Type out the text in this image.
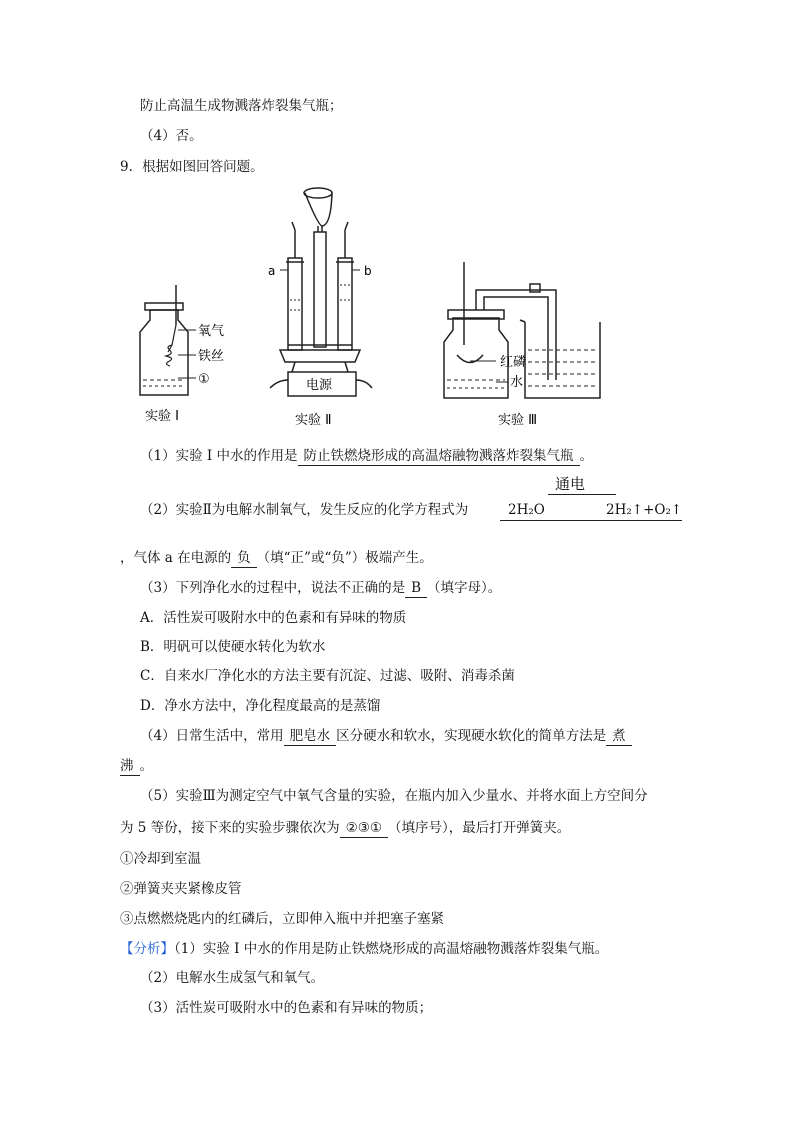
防止高温生成物溅落炸裂集气瓶；
（4）否。
9．根据如图回答问题。
氧气
铁丝
①
实验 Ⅰ
a	b
电源
实验 Ⅱ
红磷
水
实验 Ⅲ
（1）实验 I 中水的作用是 防止铁燃烧形成的高温熔融物溅落炸裂集气瓶 。
通电
（2）实验Ⅱ为电解水制氧气，发生反应的化学方程式为	2H₂O	2H₂↑+O₂↑
，气体 a 在电源的 负 （填“正”或“负”）极端产生。
（3）下列净化水的过程中，说法不正确的是 B （填字母）。
A．活性炭可吸附水中的色素和有异味的物质
B．明矾可以使硬水转化为软水
C．自来水厂净化水的方法主要有沉淀、过滤、吸附、消毒杀菌
D．净水方法中，净化程度最高的是蒸馏
（4）日常生活中，常用 肥皂水 区分硬水和软水，实现硬水软化的简单方法是 煮
沸 。
（5）实验Ⅲ为测定空气中氧气含量的实验，在瓶内加入少量水、并将水面上方空间分
为 5 等份，接下来的实验步骤依次为 ②③① （填序号），最后打开弹簧夹。
①冷却到室温
②弹簧夹夹紧橡皮管
③点燃燃烧匙内的红磷后，立即伸入瓶中并把塞子塞紧
【分析】（1）实验 I 中水的作用是防止铁燃烧形成的高温熔融物溅落炸裂集气瓶。
（2）电解水生成氢气和氧气。
（3）活性炭可吸附水中的色素和有异味的物质；
